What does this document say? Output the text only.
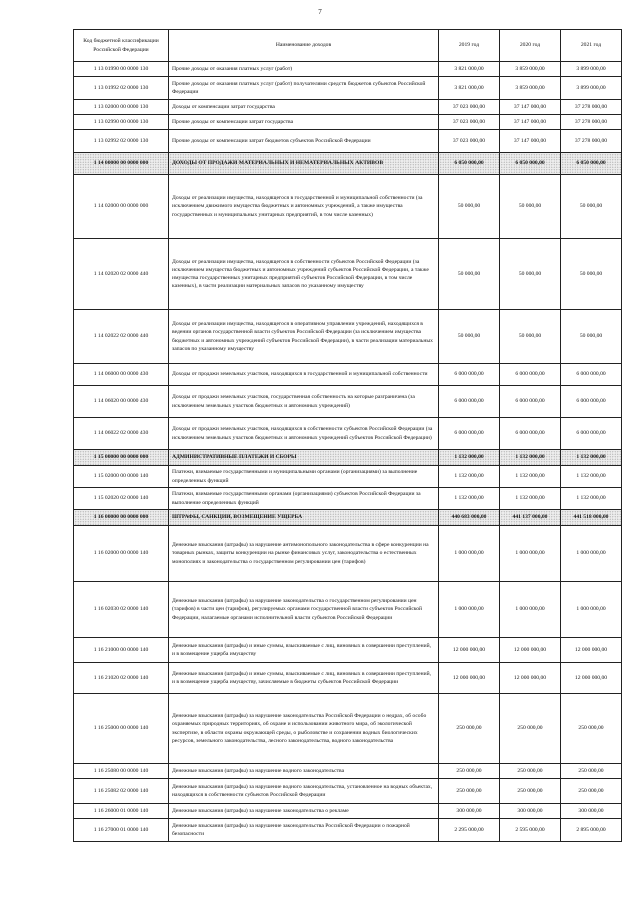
7
Код бюджетной классификации Российской Федерации	Наименование доходов	2019 год	2020 год	2021 год
1 13 01990 00 0000 130	Прочие доходы от оказания платных услуг (работ)	3 821 000,00	3 859 000,00	3 899 000,00
1 13 01992 02 0000 130	Прочие доходы от оказания платных услуг (работ) получателями средств бюджетов субъектов Российской Федерации	3 821 000,00	3 859 000,00	3 899 000,00
1 13 02000 00 0000 130	Доходы от компенсации затрат государства	37 023 000,00	37 147 000,00	37 278 000,00
1 13 02990 00 0000 130	Прочие доходы от компенсации затрат государства	37 023 000,00	37 147 000,00	37 278 000,00
1 13 02992 02 0000 130	Прочие доходы от компенсации затрат бюджетов субъектов Российской Федерации	37 023 000,00	37 147 000,00	37 278 000,00
1 14 00000 00 0000 000	ДОХОДЫ ОТ ПРОДАЖИ МАТЕРИАЛЬНЫХ И НЕМАТЕРИАЛЬНЫХ АКТИВОВ	6 050 000,00	6 050 000,00	6 050 000,00
1 14 02000 00 0000 000	Доходы от реализации имущества, находящегося в государственной и муниципальной собственности (за исключением движимого имущества бюджетных и автономных учреждений, а также имущества государственных и муниципальных унитарных предприятий, в том числе казенных)	50 000,00	50 000,00	50 000,00
1 14 02020 02 0000 440	Доходы от реализации имущества, находящегося в собственности субъектов Российской Федерации (за исключением имущества бюджетных и автономных учреждений субъектов Российской Федерации, а также имущества государственных унитарных предприятий субъектов Российской Федерации, в том числе казенных), в части реализации материальных запасов по указанному имуществу	50 000,00	50 000,00	50 000,00
1 14 02022 02 0000 440	Доходы от реализации имущества, находящегося в оперативном управлении учреждений, находящихся в ведении органов государственной власти субъектов Российской Федерации (за исключением имущества бюджетных и автономных учреждений субъектов Российской Федерации), в части реализации материальных запасов по указанному имуществу	50 000,00	50 000,00	50 000,00
1 14 06000 00 0000 430	Доходы от продажи земельных участков, находящихся в государственной и муниципальной собственности	6 000 000,00	6 000 000,00	6 000 000,00
1 14 06020 00 0000 430	Доходы от продажи земельных участков, государственная собственность на которые разграничена (за исключением земельных участков бюджетных и автономных учреждений)	6 000 000,00	6 000 000,00	6 000 000,00
1 14 06022 02 0000 430	Доходы от продажи земельных участков, находящихся в собственности субъектов Российской Федерации (за исключением земельных участков бюджетных и автономных учреждений субъектов Российской Федерации)	6 000 000,00	6 000 000,00	6 000 000,00
1 15 00000 00 0000 000	АДМИНИСТРАТИВНЫЕ ПЛАТЕЖИ И СБОРЫ	1 132 000,00	1 132 000,00	1 132 000,00
1 15 02000 00 0000 140	Платежи, взимаемые государственными и муниципальными органами (организациями) за выполнение определенных функций	1 132 000,00	1 132 000,00	1 132 000,00
1 15 02020 02 0000 140	Платежи, взимаемые государственными органами (организациями) субъектов Российской Федерации за выполнение определенных функций	1 132 000,00	1 132 000,00	1 132 000,00
1 16 00000 00 0000 000	ШТРАФЫ, САНКЦИИ, ВОЗМЕЩЕНИЕ УЩЕРБА	440 683 000,00	441 137 000,00	441 518 000,00
1 16 02000 00 0000 140	Денежные взыскания (штрафы) за нарушение антимонопольного законодательства в сфере конкуренции на товарных рынках, защиты конкуренции на рынке финансовых услуг, законодательства о естественных монополиях и законодательства о государственном регулировании цен (тарифов)	1 000 000,00	1 000 000,00	1 000 000,00
1 16 02030 02 0000 140	Денежные взыскания (штрафы) за нарушение законодательства о государственном регулировании цен (тарифов) в части цен (тарифов), регулируемых органами государственной власти субъектов Российской Федерации, налагаемые органами исполнительной власти субъектов Российской Федерации	1 000 000,00	1 000 000,00	1 000 000,00
1 16 21000 00 0000 140	Денежные взыскания (штрафы) и иные суммы, взыскиваемые с лиц, виновных в совершении преступлений, и в возмещение ущерба имуществу	12 000 000,00	12 000 000,00	12 000 000,00
1 16 21020 02 0000 140	Денежные взыскания (штрафы) и иные суммы, взыскиваемые с лиц, виновных в совершении преступлений, и в возмещение ущерба имуществу, зачисляемые в бюджеты субъектов Российской Федерации	12 000 000,00	12 000 000,00	12 000 000,00
1 16 25000 00 0000 140	Денежные взыскания (штрафы) за нарушение законодательства Российской Федерации о недрах, об особо охраняемых природных территориях, об охране и использовании животного мира, об экологической экспертизе, в области охраны окружающей среды, о рыболовстве и сохранении водных биологических ресурсов, земельного законодательства, лесного законодательства, водного законодательства	250 000,00	250 000,00	250 000,00
1 16 25080 00 0000 140	Денежные взыскания (штрафы) за нарушение водного законодательства	250 000,00	250 000,00	250 000,00
1 16 25082 02 0000 140	Денежные взыскания (штрафы) за нарушение водного законодательства, установленное на водных объектах, находящихся в собственности субъектов Российской Федерации	250 000,00	250 000,00	250 000,00
1 16 26000 01 0000 140	Денежные взыскания (штрафы) за нарушение законодательства о рекламе	300 000,00	300 000,00	300 000,00
1 16 27000 01 0000 140	Денежные взыскания (штрафы) за нарушение законодательства Российской Федерации о пожарной безопасности	2 295 000,00	2 595 000,00	2 895 000,00
